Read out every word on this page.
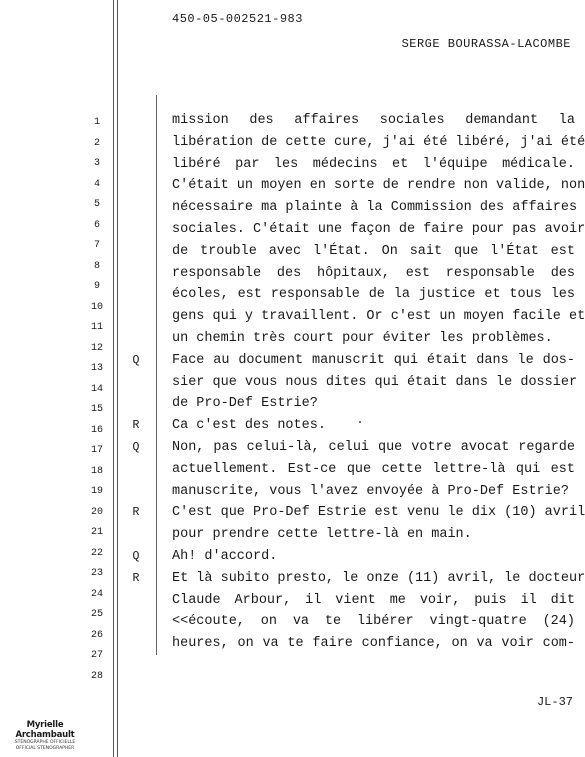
450-05-002521-983
SERGE BOURASSA-LACOMBE
1
2
3
4
5
6
7
8
9
10
11
12
13
14
15
16
17
18
19
20
21
22
23
24
25
26
27
28
mission des affaires sociales demandant la
libération de cette cure, j'ai été libéré, j'ai été
libéré par les médecins et l'équipe médicale.
C'était un moyen en sorte de rendre non valide, non
nécessaire ma plainte à la Commission des affaires
sociales. C'était une façon de faire pour pas avoir
de trouble avec l'État. On sait que l'État est
responsable des hôpitaux, est responsable des
écoles, est responsable de la justice et tous les
gens qui y travaillent. Or c'est un moyen facile et
un chemin très court pour éviter les problèmes.
Q	Face au document manuscrit qui était dans le dos-
sier que vous nous dites qui était dans le dossier
de Pro-Def Estrie?
R	Ca c'est des notes.
Q	Non, pas celui-là, celui que votre avocat regarde
actuellement. Est-ce que cette lettre-là qui est
manuscrite, vous l'avez envoyée à Pro-Def Estrie?
R	C'est que Pro-Def Estrie est venu le dix (10) avril
pour prendre cette lettre-là en main.
Q	Ah! d'accord.
R	Et là subito presto, le onze (11) avril, le docteur
Claude Arbour, il vient me voir, puis il dit
<<écoute, on va te libérer vingt-quatre (24)
heures, on va te faire confiance, on va voir com-
JL-37
Myrielle Archambault
STÉNOGRAPHE OFFICIELLE
OFFICIAL STENOGRAPHER
